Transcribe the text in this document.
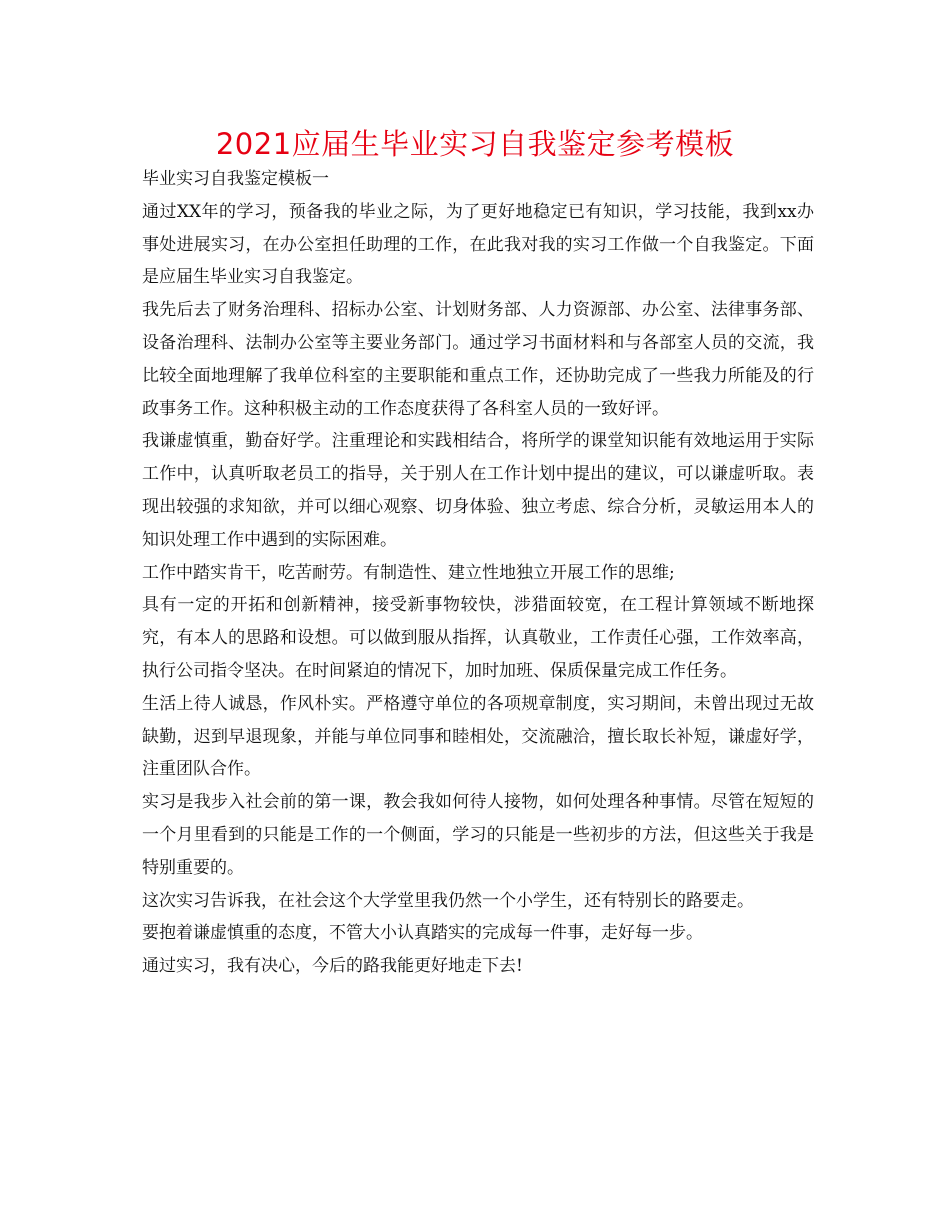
2021应届生毕业实习自我鉴定参考模板

毕业实习自我鉴定模板一

通过XX年的学习，预备我的毕业之际，为了更好地稳定已有知识，学习技能，我到xx办事处进展实习，在办公室担任助理的工作，在此我对我的实习工作做一个自我鉴定。下面是应届生毕业实习自我鉴定。

我先后去了财务治理科、招标办公室、计划财务部、人力资源部、办公室、法律事务部、设备治理科、法制办公室等主要业务部门。通过学习书面材料和与各部室人员的交流，我比较全面地理解了我单位科室的主要职能和重点工作，还协助完成了一些我力所能及的行政事务工作。这种积极主动的工作态度获得了各科室人员的一致好评。

我谦虚慎重，勤奋好学。注重理论和实践相结合，将所学的课堂知识能有效地运用于实际工作中，认真听取老员工的指导，关于别人在工作计划中提出的建议，可以谦虚听取。表现出较强的求知欲，并可以细心观察、切身体验、独立考虑、综合分析，灵敏运用本人的知识处理工作中遇到的实际困难。

工作中踏实肯干，吃苦耐劳。有制造性、建立性地独立开展工作的思维;

具有一定的开拓和创新精神，接受新事物较快，涉猎面较宽，在工程计算领域不断地探究，有本人的思路和设想。可以做到服从指挥，认真敬业，工作责任心强，工作效率高，执行公司指令坚决。在时间紧迫的情况下，加时加班、保质保量完成工作任务。

生活上待人诚恳，作风朴实。严格遵守单位的各项规章制度，实习期间，未曾出现过无故缺勤，迟到早退现象，并能与单位同事和睦相处，交流融洽，擅长取长补短，谦虚好学，注重团队合作。

实习是我步入社会前的第一课，教会我如何待人接物，如何处理各种事情。尽管在短短的一个月里看到的只能是工作的一个侧面，学习的只能是一些初步的方法，但这些关于我是特别重要的。

这次实习告诉我，在社会这个大学堂里我仍然一个小学生，还有特别长的路要走。

要抱着谦虚慎重的态度，不管大小认真踏实的完成每一件事，走好每一步。

通过实习，我有决心，今后的路我能更好地走下去!
